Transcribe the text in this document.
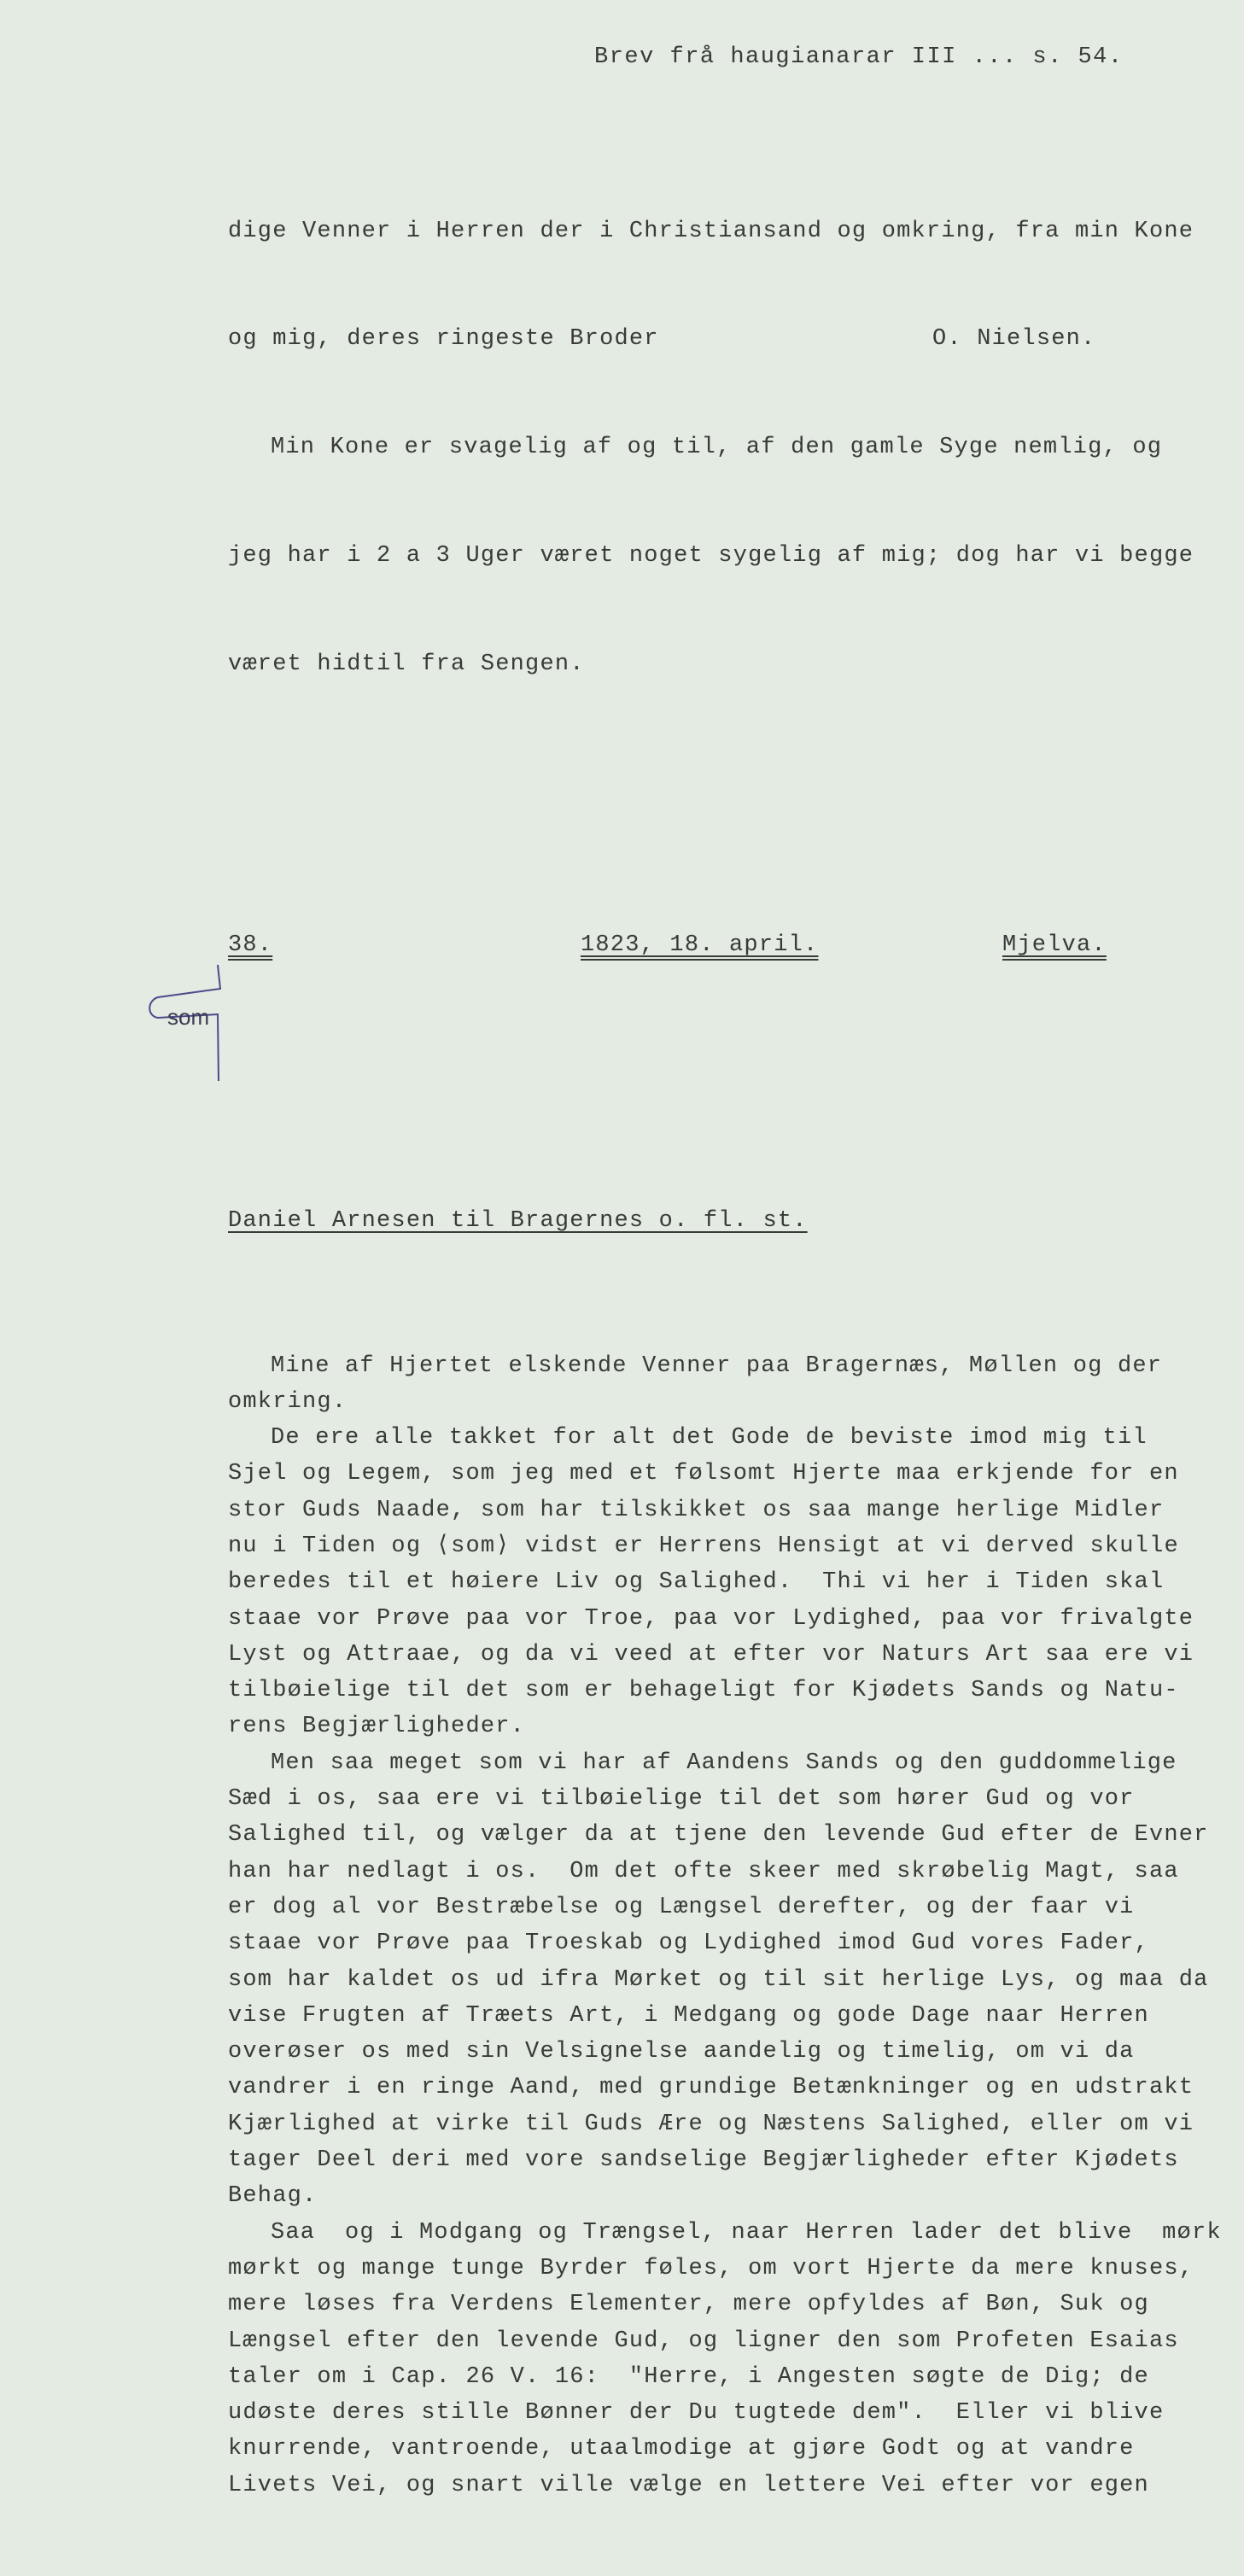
Brev frå haugianarar III ... s. 54.

dige Venner i Herren der i Christiansand og omkring, fra min Kone

og mig, deres ringeste Broder	O. Nielsen.

Min Kone er svagelig af og til, af den gamle Syge nemlig, og

jeg har i 2 a 3 Uger været noget sygelig af mig; dog har vi begge

været hidtil fra Sengen.

38.

	1823, 18. april.

	Mjelva.

Daniel Arnesen til Bragernes o. fl. st.

Mine af Hjertet elskende Venner paa Bragernæs, Møllen og der
omkring.
De ere alle takket for alt det Gode de beviste imod mig til
Sjel og Legem, som jeg med et følsomt Hjerte maa erkjende for en
stor Guds Naade, som har tilskikket os saa mange herlige Midler
nu i Tiden og ⟨som⟩ vidst er Herrens Hensigt at vi derved skulle
beredes til et høiere Liv og Salighed.  Thi vi her i Tiden skal
staae vor Prøve paa vor Troe, paa vor Lydighed, paa vor frivalgte
Lyst og Attraae, og da vi veed at efter vor Naturs Art saa ere vi
tilbøielige til det som er behageligt for Kjødets Sands og Natu-
rens Begjærligheder.
Men saa meget som vi har af Aandens Sands og den guddommelige
Sæd i os, saa ere vi tilbøielige til det som hører Gud og vor
Salighed til, og vælger da at tjene den levende Gud efter de Evner
han har nedlagt i os.  Om det ofte skeer med skrøbelig Magt, saa
er dog al vor Bestræbelse og Længsel derefter, og der faar vi
staae vor Prøve paa Troeskab og Lydighed imod Gud vores Fader,
som har kaldet os ud ifra Mørket og til sit herlige Lys, og maa da
vise Frugten af Træets Art, i Medgang og gode Dage naar Herren
overøser os med sin Velsignelse aandelig og timelig, om vi da
vandrer i en ringe Aand, med grundige Betænkninger og en udstrakt
Kjærlighed at virke til Guds Ære og Næstens Salighed, eller om vi
tager Deel deri med vore sandselige Begjærligheder efter Kjødets
Behag.
Saa  og i Modgang og Trængsel, naar Herren lader det blive  mørk
mørkt og mange tunge Byrder føles, om vort Hjerte da mere knuses,
mere løses fra Verdens Elementer, mere opfyldes af Bøn, Suk og
Længsel efter den levende Gud, og ligner den som Profeten Esaias
taler om i Cap. 26 V. 16:  "Herre, i Angesten søgte de Dig; de
udøste deres stille Bønner der Du tugtede dem".  Eller vi blive
knurrende, vantroende, utaalmodige at gjøre Godt og at vandre
Livets Vei, og snart ville vælge en lettere Vei efter vor egen

som
